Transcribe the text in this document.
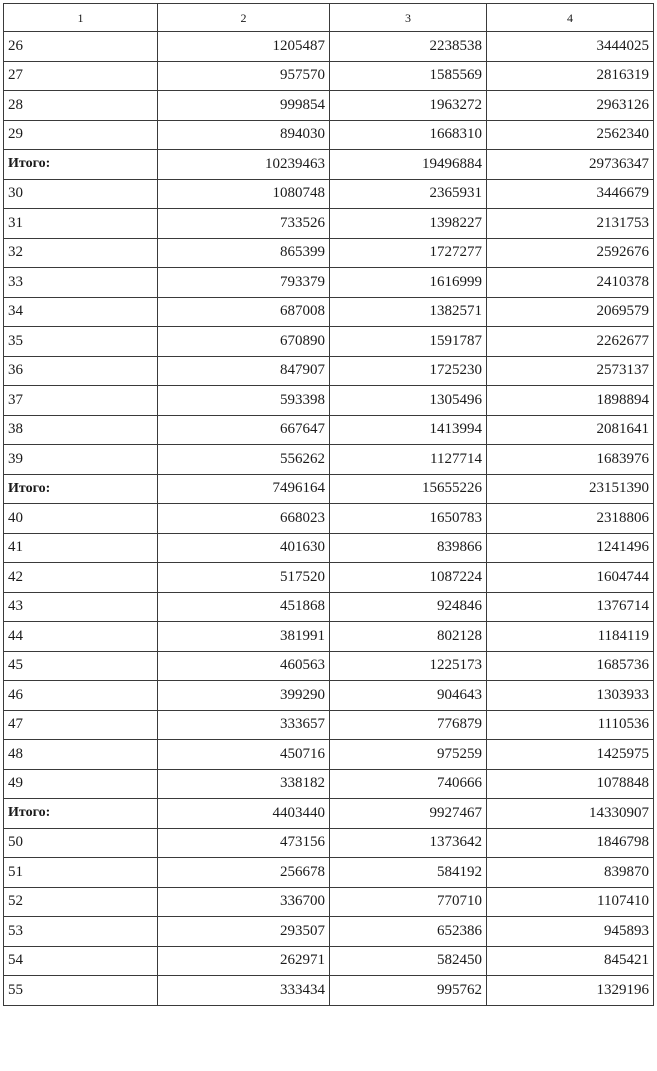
1	2	3	4
26	1205487	2238538	3444025
27	957570	1585569	2816319
28	999854	1963272	2963126
29	894030	1668310	2562340
Итого:	10239463	19496884	29736347
30	1080748	2365931	3446679
31	733526	1398227	2131753
32	865399	1727277	2592676
33	793379	1616999	2410378
34	687008	1382571	2069579
35	670890	1591787	2262677
36	847907	1725230	2573137
37	593398	1305496	1898894
38	667647	1413994	2081641
39	556262	1127714	1683976
Итого:	7496164	15655226	23151390
40	668023	1650783	2318806
41	401630	839866	1241496
42	517520	1087224	1604744
43	451868	924846	1376714
44	381991	802128	1184119
45	460563	1225173	1685736
46	399290	904643	1303933
47	333657	776879	1110536
48	450716	975259	1425975
49	338182	740666	1078848
Итого:	4403440	9927467	14330907
50	473156	1373642	1846798
51	256678	584192	839870
52	336700	770710	1107410
53	293507	652386	945893
54	262971	582450	845421
55	333434	995762	1329196
